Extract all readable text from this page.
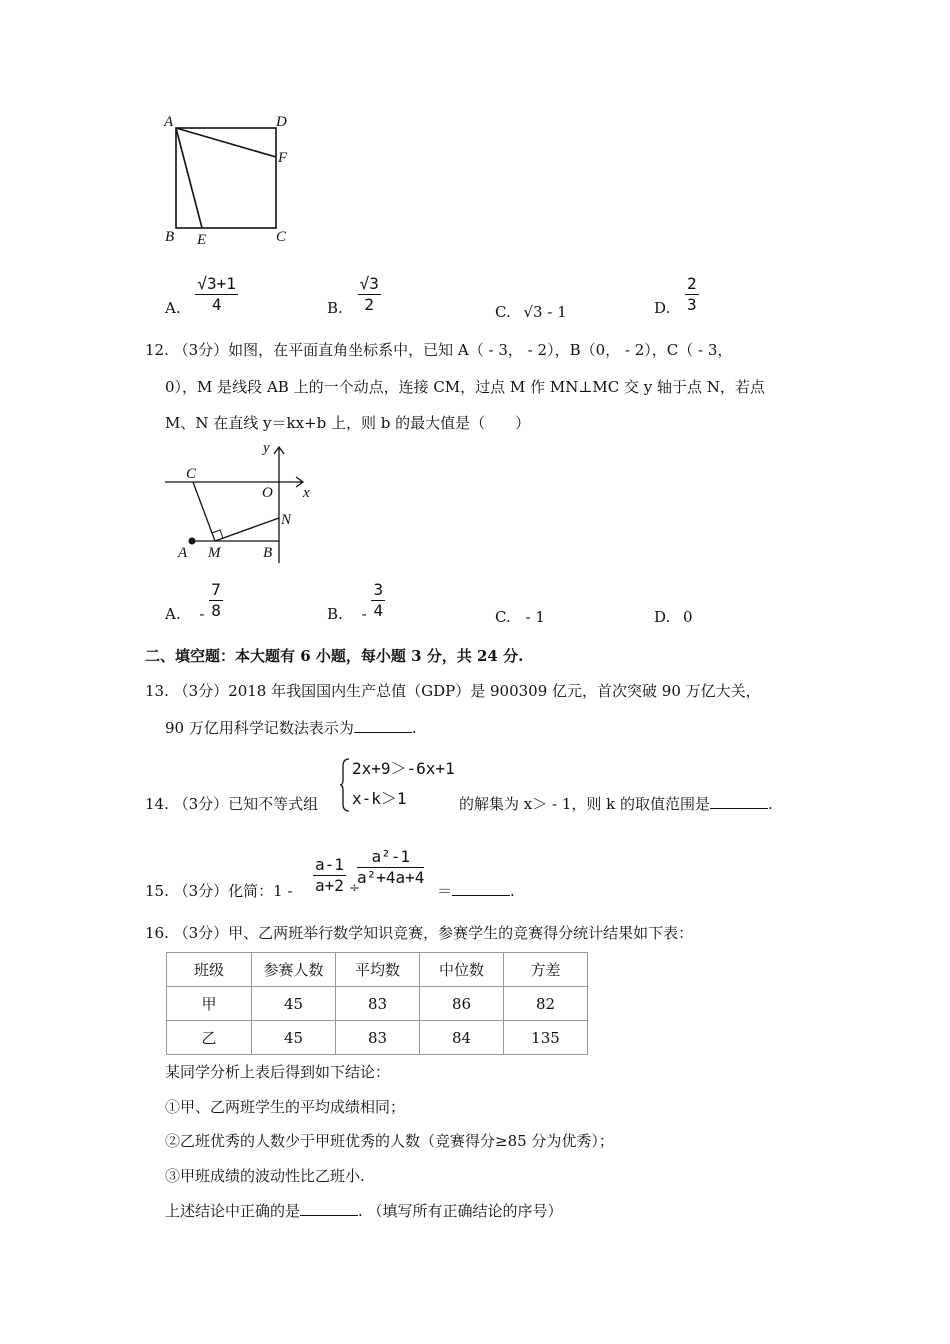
A	D
F
B E	C
A. $\frac{√3+1}{4}$	B. $\frac{√3}{2}$	C. √3 - 1	D. $\frac{2}{3}$
12. （3分）如图，在平面直角坐标系中，已知 A（ - 3， - 2），B（0， - 2），C（ - 3，
0），M 是线段 AB 上的一个动点，连接 CM，过点 M 作 MN⊥MC 交 y 轴于点 N，若点
M、N 在直线 y＝kx+b 上，则 b 的最大值是（　　）
y
C
O x
N
A M	B
A. - $\frac{7}{8}$	B. - $\frac{3}{4}$	C. - 1	D. 0
二、填空题：本大题有 6 小题，每小题 3 分，共 24 分.
13. （3分）2018 年我国国内生产总值（GDP）是 900309 亿元，首次突破 90 万亿大关，
90 万亿用科学记数法表示为	.
14. （3分）已知不等式组
2x+9＞-6x+1
x-k＞1	的解集为 x＞ - 1，则 k 的取值范围是	.
15. （3分）化简：$1 - \frac{a-1}{a+2}$ ÷
$\frac{\text{a²-1}}{\text{a²+4a+4}}$
＝	.
16. （3分）甲、乙两班举行数学知识竞赛，参赛学生的竞赛得分统计结果如下表：
班级	参赛人数	平均数	中位数	方差
甲	45	83	86	82
乙	45	83	84	135
某同学分析上表后得到如下结论：
①甲、乙两班学生的平均成绩相同；
②乙班优秀的人数少于甲班优秀的人数（竞赛得分≥85 分为优秀）；
③甲班成绩的波动性比乙班小.
上述结论中正确的是	. （填写所有正确结论的序号）
